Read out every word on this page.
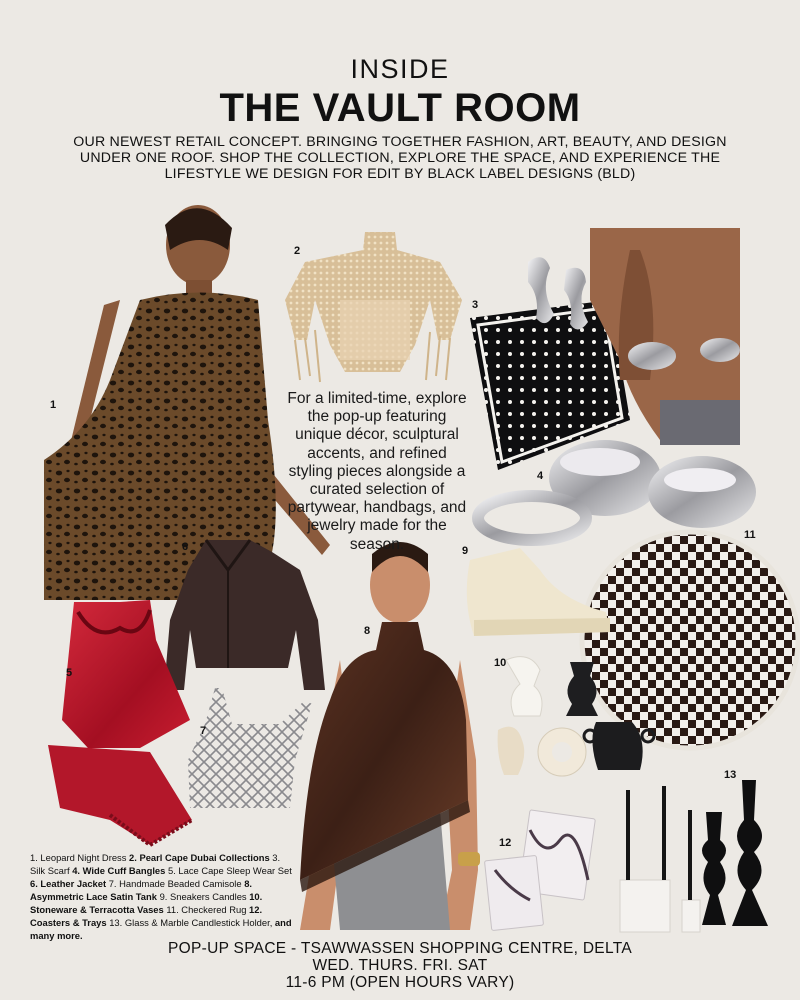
INSIDE
THE VAULT ROOM
OUR NEWEST RETAIL CONCEPT. BRINGING TOGETHER FASHION, ART, BEAUTY, AND DESIGN UNDER ONE ROOF. SHOP THE COLLECTION, EXPLORE THE SPACE, AND EXPERIENCE THE LIFESTYLE WE DESIGN FOR EDIT BY BLACK LABEL DESIGNS (BLD)
1
2
3
4
5
6
7
8
9
10
11
12
13
For a limited-time, explore the pop-up featuring unique décor, sculptural accents, and refined styling pieces alongside a curated selection of partywear, handbags, and jewelry made for the season.
1. Leopard Night Dress 2. Pearl Cape Dubai Collections 3. Silk Scarf 4. Wide Cuff Bangles 5. Lace Cape Sleep Wear Set 6. Leather Jacket 7. Handmade Beaded Camisole 8. Asymmetric Lace Satin Tank 9. Sneakers Candles 10. Stoneware & Terracotta Vases 11. Checkered Rug 12. Coasters & Trays 13. Glass & Marble Candlestick Holder, and many more.
POP-UP SPACE - TSAWWASSEN SHOPPING CENTRE, DELTA
WED. THURS. FRI. SAT
11-6 PM (OPEN HOURS VARY)
